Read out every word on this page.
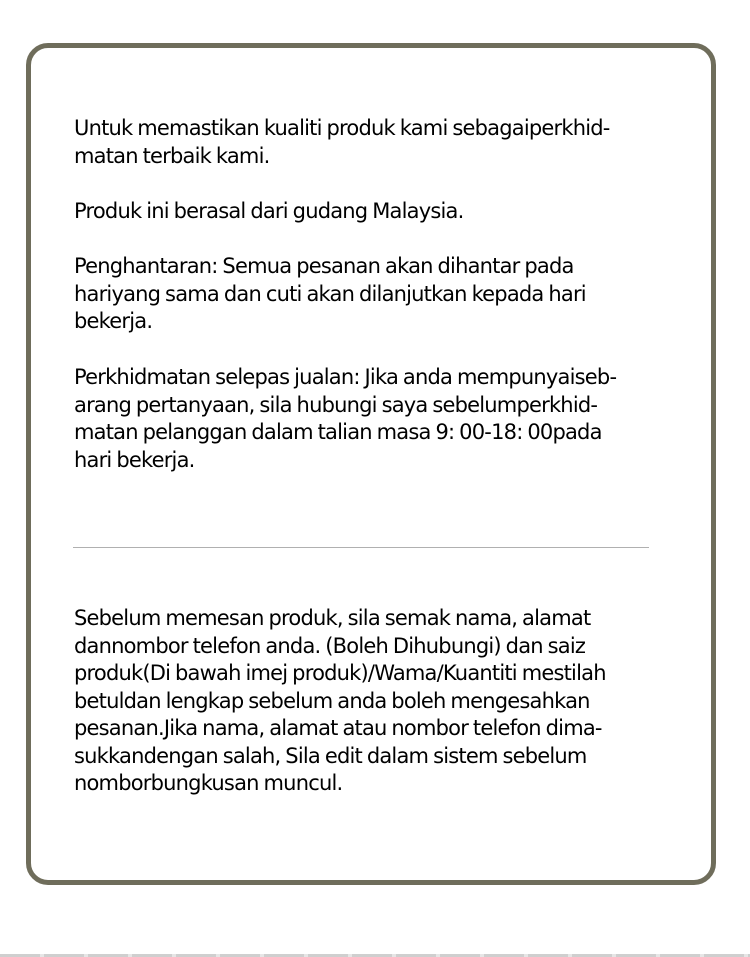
Untuk memastikan kualiti produk kami sebagaiperkhid-
matan terbaik kami.

Produk ini berasal dari gudang Malaysia.

Penghantaran: Semua pesanan akan dihantar pada
hariyang sama dan cuti akan dilanjutkan kepada hari
bekerja.

Perkhidmatan selepas jualan: Jika anda mempunyaiseb-
arang pertanyaan, sila hubungi saya sebelumperkhid-
matan pelanggan dalam talian masa 9: 00-18: 00pada
hari bekerja.

Sebelum memesan produk, sila semak nama, alamat
dannombor telefon anda. (Boleh Dihubungi) dan saiz
produk(Di bawah imej produk)/Wama/Kuantiti mestilah
betuldan lengkap sebelum anda boleh mengesahkan
pesanan.Jika nama, alamat atau nombor telefon dima-
sukkandengan salah, Sila edit dalam sistem sebelum
nomborbungkusan muncul.
